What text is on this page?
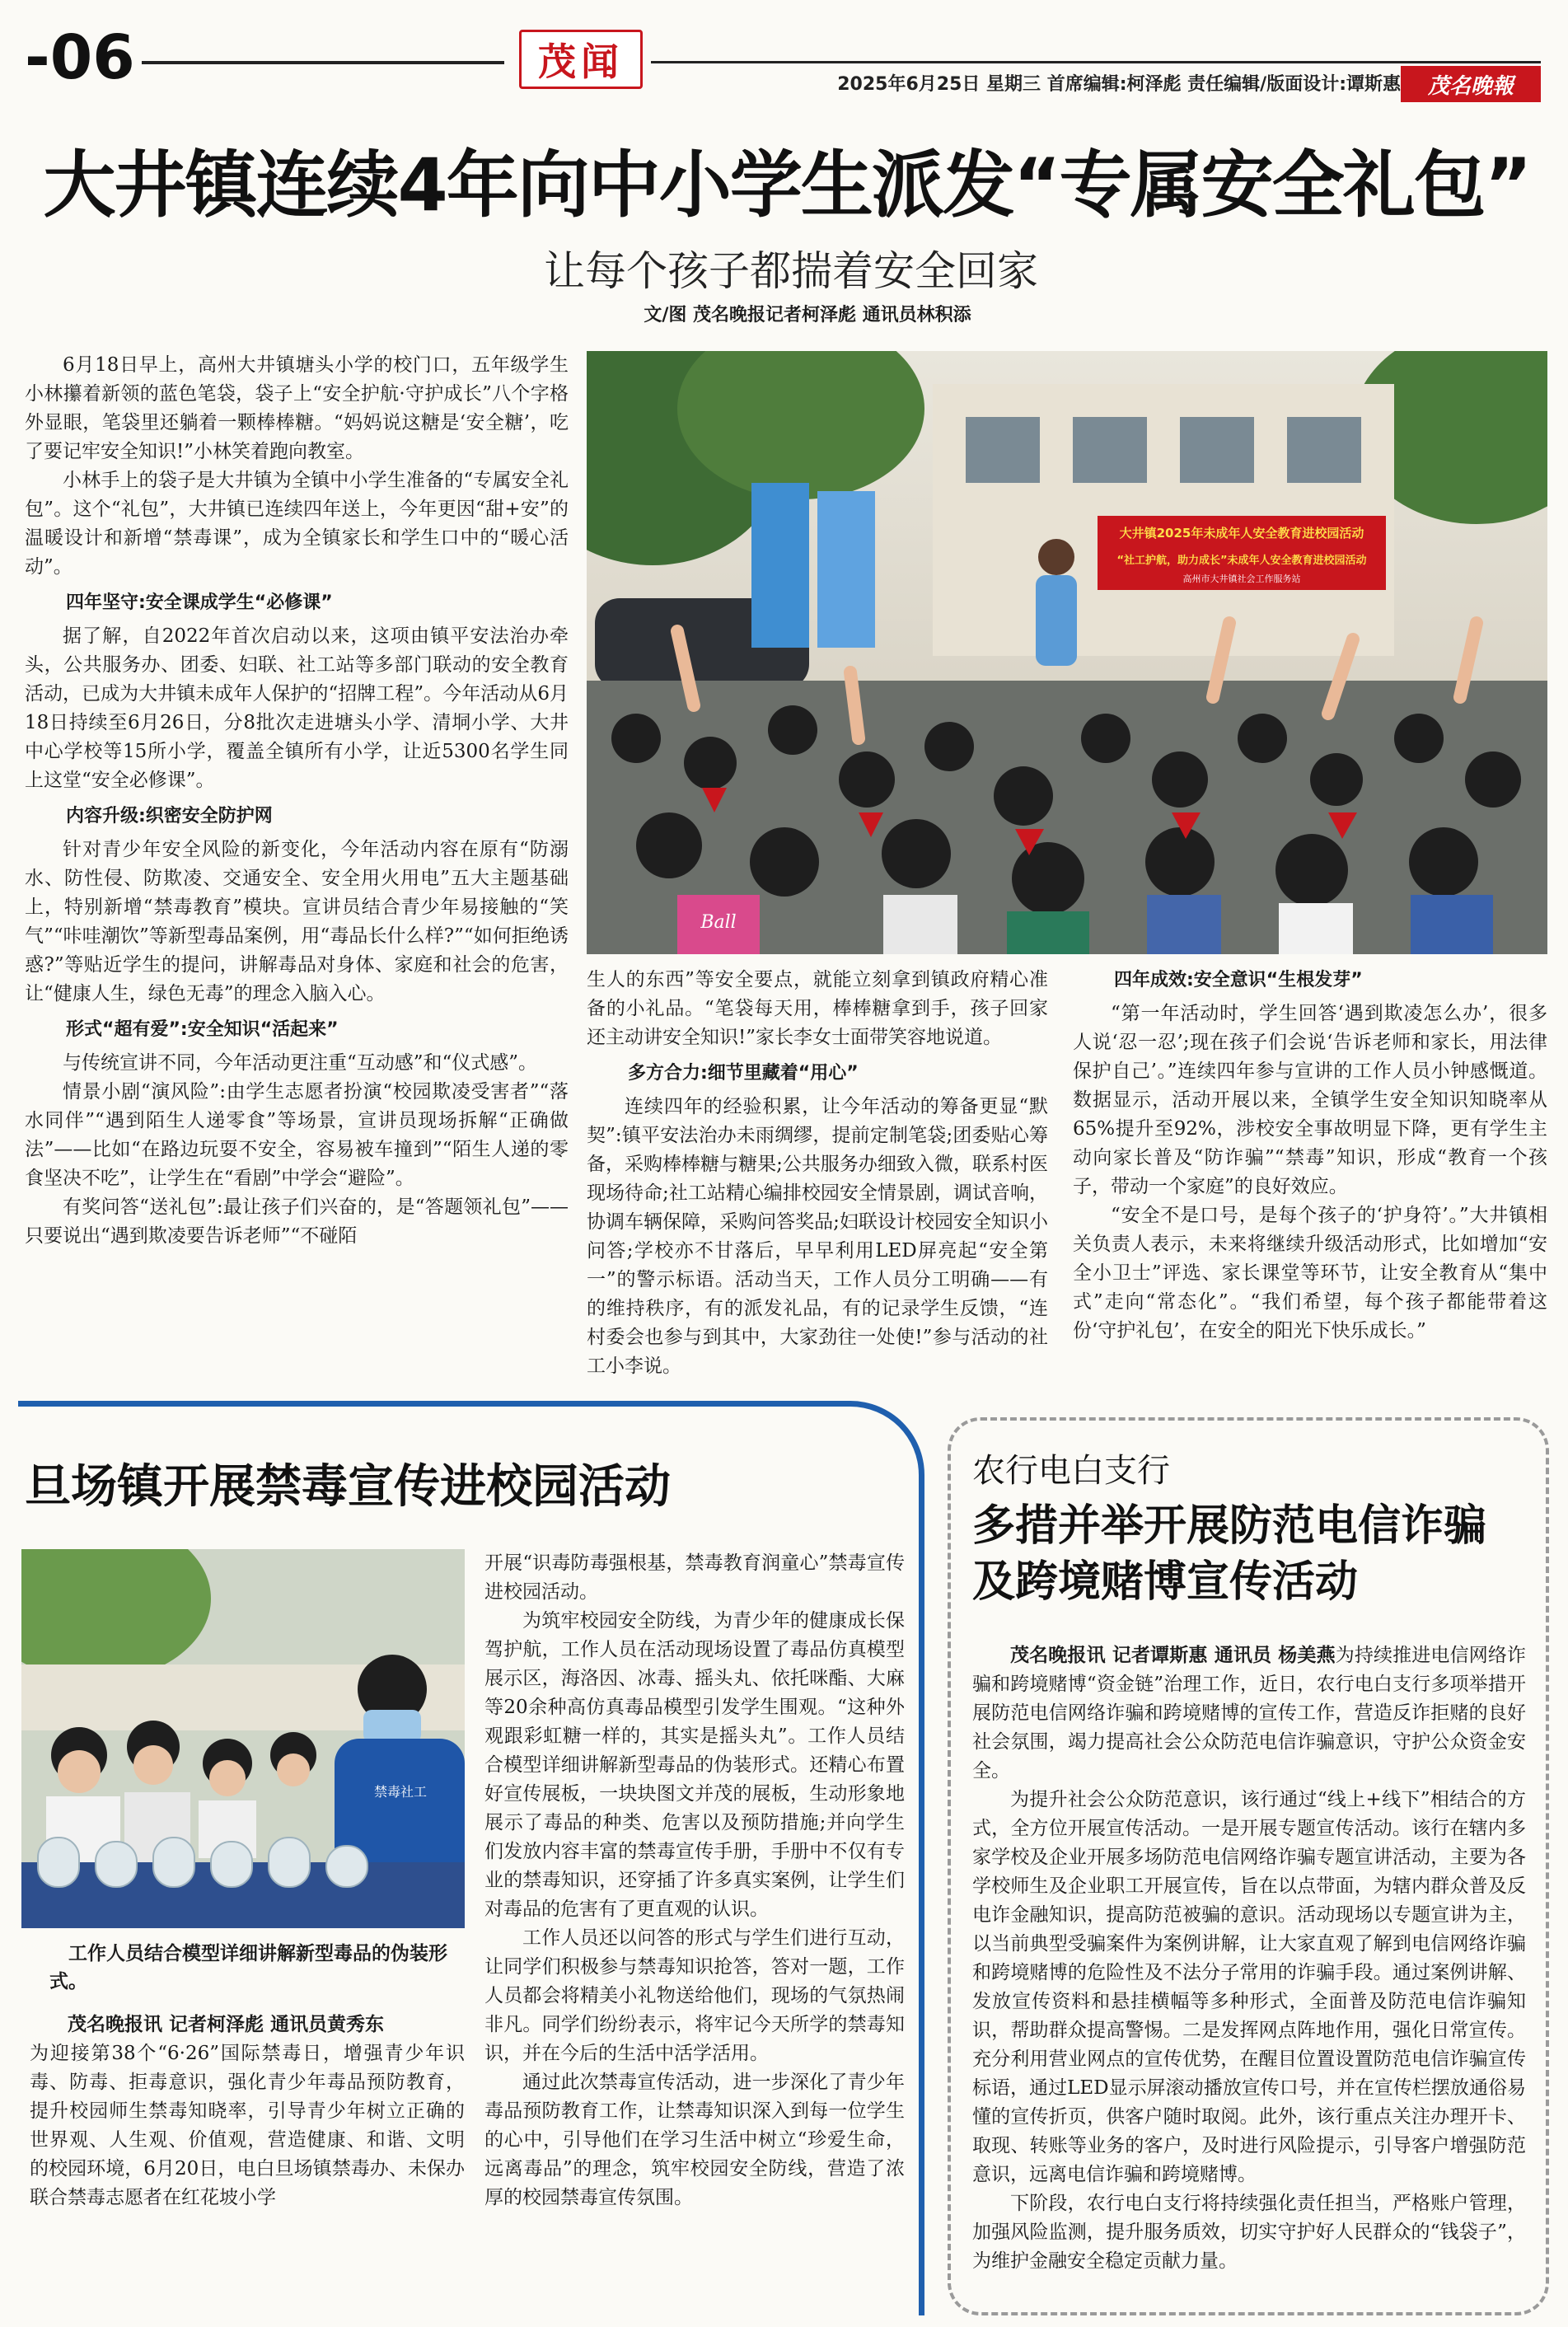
-06	茂闻
2025年6月25日 星期三 首席编辑:柯泽彪 责任编辑/版面设计:谭斯惠 茂名晚報
大井镇连续4年向中小学生派发“专属安全礼包”
让每个孩子都揣着安全回家
文/图 茂名晚报记者柯泽彪 通讯员林积添
大井镇2025年未成年人安全教育进校园活动
“社工护航，助力成长”未成年人安全教育进校园活动
高州市大井镇社会工作服务站
Ball

6月18日早上，高州大井镇塘头小学的校门口，五年级学生小林攥着新领的蓝色笔袋，袋子上“安全护航·守护成长”八个字格外显眼，笔袋里还躺着一颗棒棒糖。“妈妈说这糖是‘安全糖’，吃了要记牢安全知识!”小林笑着跑向教室。

小林手上的袋子是大井镇为全镇中小学生准备的“专属安全礼包”。这个“礼包”，大井镇已连续四年送上，今年更因“甜+安”的温暖设计和新增“禁毒课”，成为全镇家长和学生口中的“暖心活动”。

四年坚守:安全课成学生“必修课”

据了解，自2022年首次启动以来，这项由镇平安法治办牵头，公共服务办、团委、妇联、社工站等多部门联动的安全教育活动，已成为大井镇未成年人保护的“招牌工程”。今年活动从6月18日持续至6月26日，分8批次走进塘头小学、清垌小学、大井中心学校等15所小学，覆盖全镇所有小学，让近5300名学生同上这堂“安全必修课”。

内容升级:织密安全防护网

针对青少年安全风险的新变化，今年活动内容在原有“防溺水、防性侵、防欺凌、交通安全、安全用火用电”五大主题基础上，特别新增“禁毒教育”模块。宣讲员结合青少年易接触的“笑气”“咔哇潮饮”等新型毒品案例，用“毒品长什么样?”“如何拒绝诱惑?”等贴近学生的提问，讲解毒品对身体、家庭和社会的危害，让“健康人生，绿色无毒”的理念入脑入心。

形式“超有爱”:安全知识“活起来”

与传统宣讲不同，今年活动更注重“互动感”和“仪式感”。

情景小剧“演风险”:由学生志愿者扮演“校园欺凌受害者”“落水同伴”“遇到陌生人递零食”等场景，宣讲员现场拆解“正确做法”——比如“在路边玩耍不安全，容易被车撞到”“陌生人递的零食坚决不吃”，让学生在“看剧”中学会“避险”。

有奖问答“送礼包”:最让孩子们兴奋的，是“答题领礼包”——只要说出“遇到欺凌要告诉老师”“不碰陌

生人的东西”等安全要点，就能立刻拿到镇政府精心准备的小礼品。“笔袋每天用，棒棒糖拿到手，孩子回家还主动讲安全知识!”家长李女士面带笑容地说道。

多方合力:细节里藏着“用心”

连续四年的经验积累，让今年活动的筹备更显“默契”:镇平安法治办未雨绸缪，提前定制笔袋;团委贴心筹备，采购棒棒糖与糖果;公共服务办细致入微，联系村医现场待命;社工站精心编排校园安全情景剧，调试音响，协调车辆保障，采购问答奖品;妇联设计校园安全知识小问答;学校亦不甘落后，早早利用LED屏亮起“安全第一”的警示标语。活动当天，工作人员分工明确——有的维持秩序，有的派发礼品，有的记录学生反馈，“连村委会也参与到其中，大家劲往一处使!”参与活动的社工小李说。

四年成效:安全意识“生根发芽”

“第一年活动时，学生回答‘遇到欺凌怎么办’，很多人说‘忍一忍’;现在孩子们会说‘告诉老师和家长，用法律保护自己’。”连续四年参与宣讲的工作人员小钟感慨道。数据显示，活动开展以来，全镇学生安全知识知晓率从65%提升至92%，涉校安全事故明显下降，更有学生主动向家长普及“防诈骗”“禁毒”知识，形成“教育一个孩子，带动一个家庭”的良好效应。

“安全不是口号，是每个孩子的‘护身符’。”大井镇相关负责人表示，未来将继续升级活动形式，比如增加“安全小卫士”评选、家长课堂等环节，让安全教育从“集中式”走向“常态化”。“我们希望，每个孩子都能带着这份‘守护礼包’，在安全的阳光下快乐成长。”

旦场镇开展禁毒宣传进校园活动
禁毒社工
工作人员结合模型详细讲解新型毒品的伪装形式。

茂名晚报讯 记者柯泽彪 通讯员黄秀东

为迎接第38个“6·26”国际禁毒日，增强青少年识毒、防毒、拒毒意识，强化青少年毒品预防教育，提升校园师生禁毒知晓率，引导青少年树立正确的世界观、人生观、价值观，营造健康、和谐、文明的校园环境，6月20日，电白旦场镇禁毒办、未保办联合禁毒志愿者在红花坡小学

开展“识毒防毒强根基，禁毒教育润童心”禁毒宣传进校园活动。

为筑牢校园安全防线，为青少年的健康成长保驾护航，工作人员在活动现场设置了毒品仿真模型展示区，海洛因、冰毒、摇头丸、依托咪酯、大麻等20余种高仿真毒品模型引发学生围观。“这种外观跟彩虹糖一样的，其实是摇头丸”。工作人员结合模型详细讲解新型毒品的伪装形式。还精心布置好宣传展板，一块块图文并茂的展板，生动形象地展示了毒品的种类、危害以及预防措施;并向学生们发放内容丰富的禁毒宣传手册，手册中不仅有专业的禁毒知识，还穿插了许多真实案例，让学生们对毒品的危害有了更直观的认识。

工作人员还以问答的形式与学生们进行互动，让同学们积极参与禁毒知识抢答，答对一题，工作人员都会将精美小礼物送给他们，现场的气氛热闹非凡。同学们纷纷表示，将牢记今天所学的禁毒知识，并在今后的生活中活学活用。

通过此次禁毒宣传活动，进一步深化了青少年毒品预防教育工作，让禁毒知识深入到每一位学生的心中，引导他们在学习生活中树立“珍爱生命，远离毒品”的理念，筑牢校园安全防线，营造了浓厚的校园禁毒宣传氛围。

农行电白支行
多措并举开展防范电信诈骗
及跨境赌博宣传活动

茂名晚报讯 记者谭斯惠 通讯员 杨美燕为持续推进电信网络诈骗和跨境赌博“资金链”治理工作，近日，农行电白支行多项举措开展防范电信网络诈骗和跨境赌博的宣传工作，营造反诈拒赌的良好社会氛围，竭力提高社会公众防范电信诈骗意识，守护公众资金安全。

为提升社会公众防范意识，该行通过“线上+线下”相结合的方式，全方位开展宣传活动。一是开展专题宣传活动。该行在辖内多家学校及企业开展多场防范电信网络诈骗专题宣讲活动，主要为各学校师生及企业职工开展宣传，旨在以点带面，为辖内群众普及反电诈金融知识，提高防范被骗的意识。活动现场以专题宣讲为主，以当前典型受骗案件为案例讲解，让大家直观了解到电信网络诈骗和跨境赌博的危险性及不法分子常用的诈骗手段。通过案例讲解、发放宣传资料和悬挂横幅等多种形式，全面普及防范电信诈骗知识，帮助群众提高警惕。二是发挥网点阵地作用，强化日常宣传。充分利用营业网点的宣传优势，在醒目位置设置防范电信诈骗宣传标语，通过LED显示屏滚动播放宣传口号，并在宣传栏摆放通俗易懂的宣传折页，供客户随时取阅。此外，该行重点关注办理开卡、取现、转账等业务的客户，及时进行风险提示，引导客户增强防范意识，远离电信诈骗和跨境赌博。

下阶段，农行电白支行将持续强化责任担当，严格账户管理，加强风险监测，提升服务质效，切实守护好人民群众的“钱袋子”，为维护金融安全稳定贡献力量。
